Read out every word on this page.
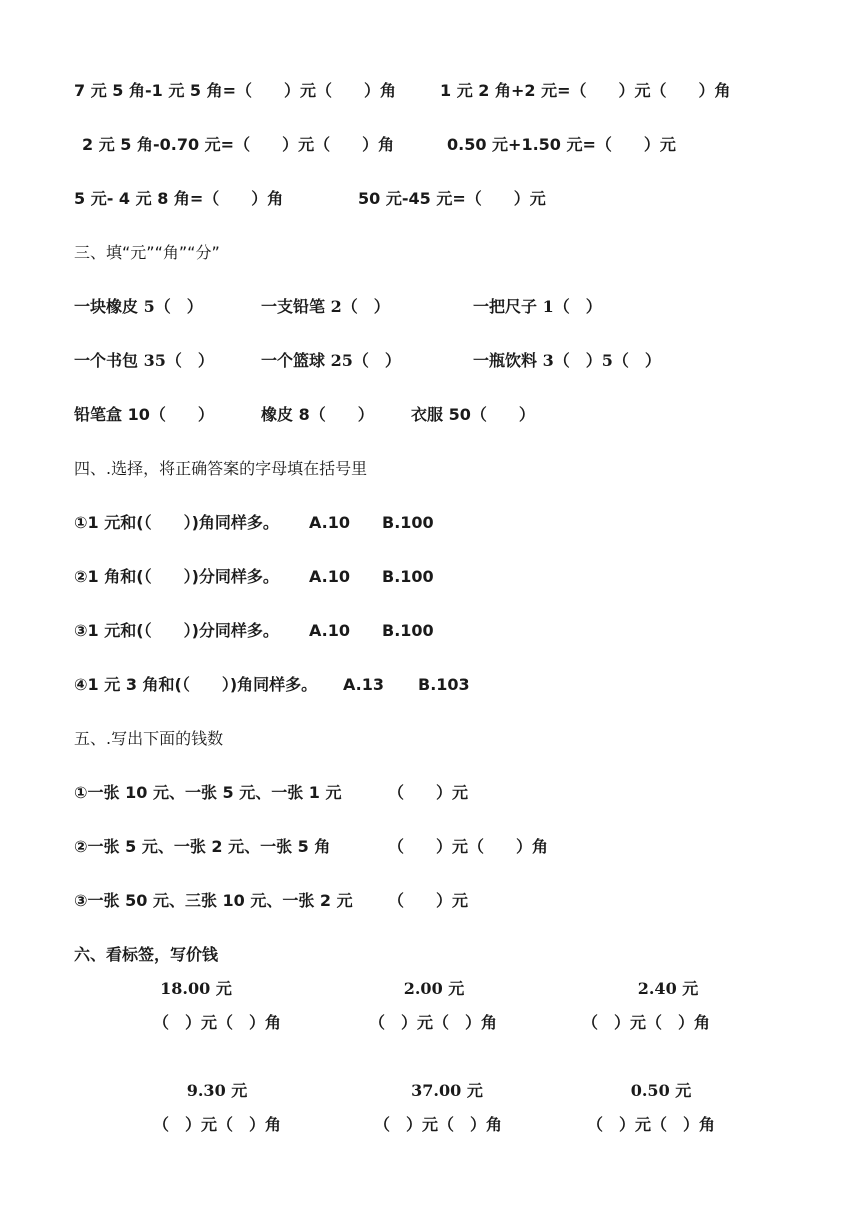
7 元 5 角-1 元 5 角=（　　）元（　　）角	1 元 2 角+2 元=（　　）元（　　）角
2 元 5 角-0.70 元=（　　）元（　　）角	0.50 元+1.50 元=（　　）元
5 元- 4 元 8 角=（　　）角	50 元-45 元=（　　）元
三、填“元”“角”“分”
一块橡皮 5（　）	一支铅笔 2（　）	一把尺子 1（　）
一个书包 35（　）	一个篮球 25（　）	一瓶饮料 3（　）5（　）
铅笔盒 10（　　）	橡皮 8（　　） 衣服 50（　　）
四、.选择，将正确答案的字母填在括号里
①1 元和(（　　）)角同样多。 A.10 B.100
②1 角和(（　　）)分同样多。 A.10 B.100
③1 元和(（　　）)分同样多。 A.10 B.100
④1 元 3 角和(（　　）)角同样多。 A.13 B.103
五、.写出下面的钱数
①一张 10 元、一张 5 元、一张 1 元	（　　）元
②一张 5 元、一张 2 元、一张 5 角	（　　）元（　　）角
③一张 50 元、三张 10 元、一张 2 元 （　　）元
六、看标签，写价钱
18.00 元	2.00 元	2.40 元
（　）元（　）角	（　）元（　）角	（　）元（　）角
9.30 元	37.00 元	0.50 元
（　）元（　）角	（　）元（　）角	（　）元（　）角
